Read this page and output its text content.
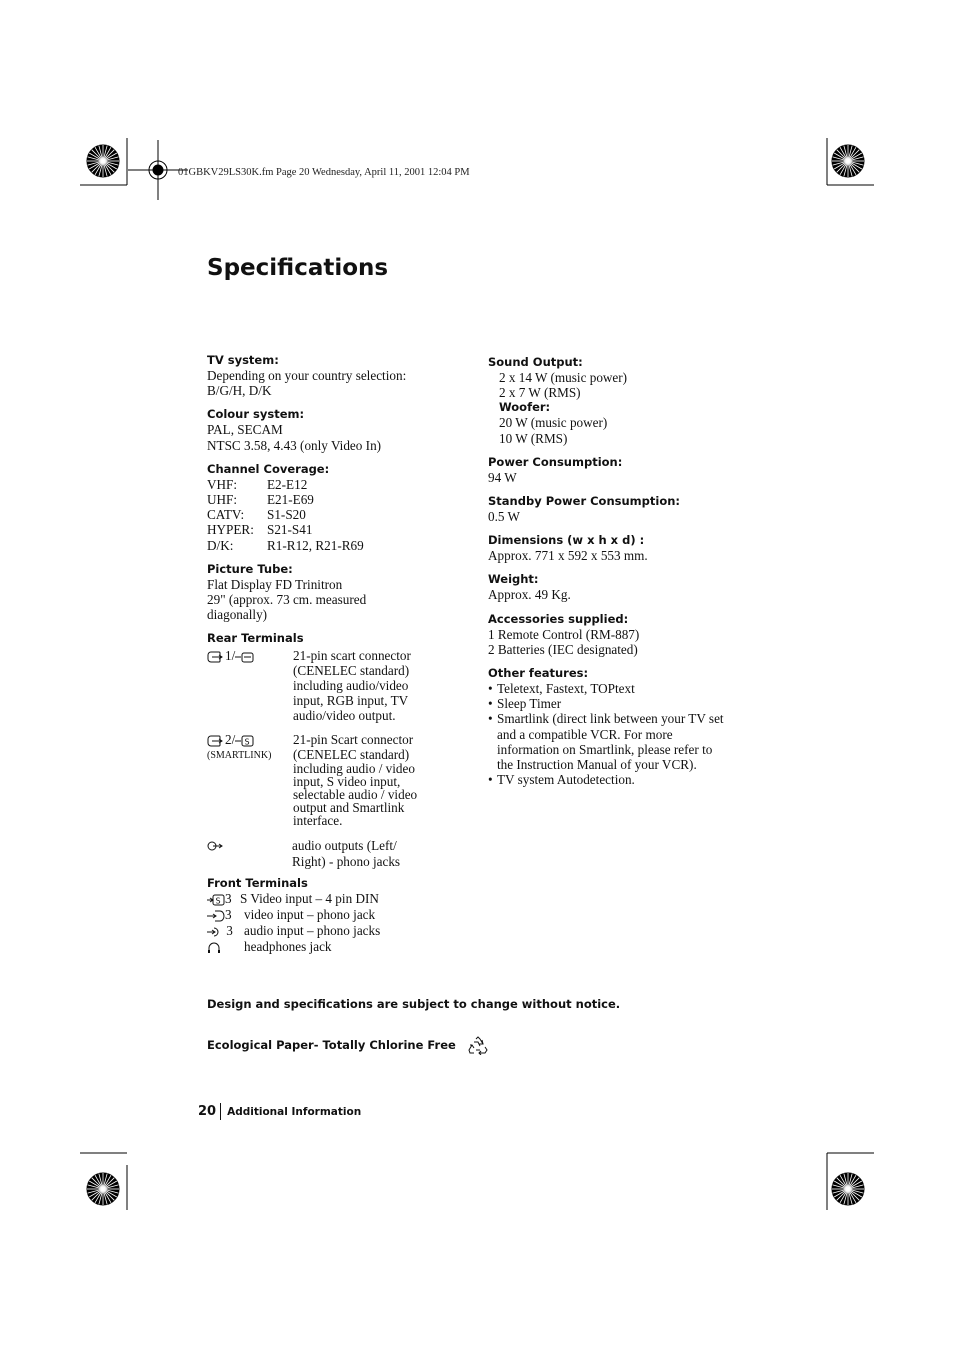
01GBKV29LS30K.fm Page 20 Wednesday, April 11, 2001 12:04 PM
Specifications
TV system:
Depending on your country selection:
B/G/H, D/K
Colour system:
PAL, SECAM
NTSC 3.58, 4.43 (only Video In)
Channel Coverage:
VHF:	E2-E12
UHF:	E21-E69
CATV:	S1-S20
HYPER: S21-S41
D/K:	R1-R12, R21-R69
Picture Tube:
Flat Display FD Trinitron
29" (approx. 73 cm. measured
diagonally)
Rear Terminals
1/	21-pin scart connector
(CENELEC standard)
including audio/video
input, RGB input, TV
audio/video output.
2/ S
(SMARTLINK)
21-pin Scart connector
(CENELEC standard)
including audio / video
input, S video input,
selectable audio / video
output and Smartlink
interface.
audio outputs (Left/
Right) - phono jacks
Front Terminals
S 3 S Video input – 4 pin DIN
3 video input – phono jack
3 audio input – phono jacks
headphones jack
Sound Output:
2 x 14 W (music power)
2 x 7 W (RMS)
Woofer:
20 W (music power)
10 W (RMS)
Power Consumption:
94 W
Standby Power Consumption:
0.5 W
Dimensions (w x h x d) :
Approx. 771 x 592 x 553 mm.
Weight:
Approx. 49 Kg.
Accessories supplied:
1 Remote Control (RM-887)
2 Batteries (IEC designated)
Other features:
• Teletext, Fastext, TOPtext
• Sleep Timer
• Smartlink (direct link between your TV set
and a compatible VCR. For more
information on Smartlink, please refer to
the Instruction Manual of your VCR).
• TV system Autodetection.
Design and specifications are subject to change without notice.
Ecological Paper- Totally Chlorine Free
20	Additional Information
